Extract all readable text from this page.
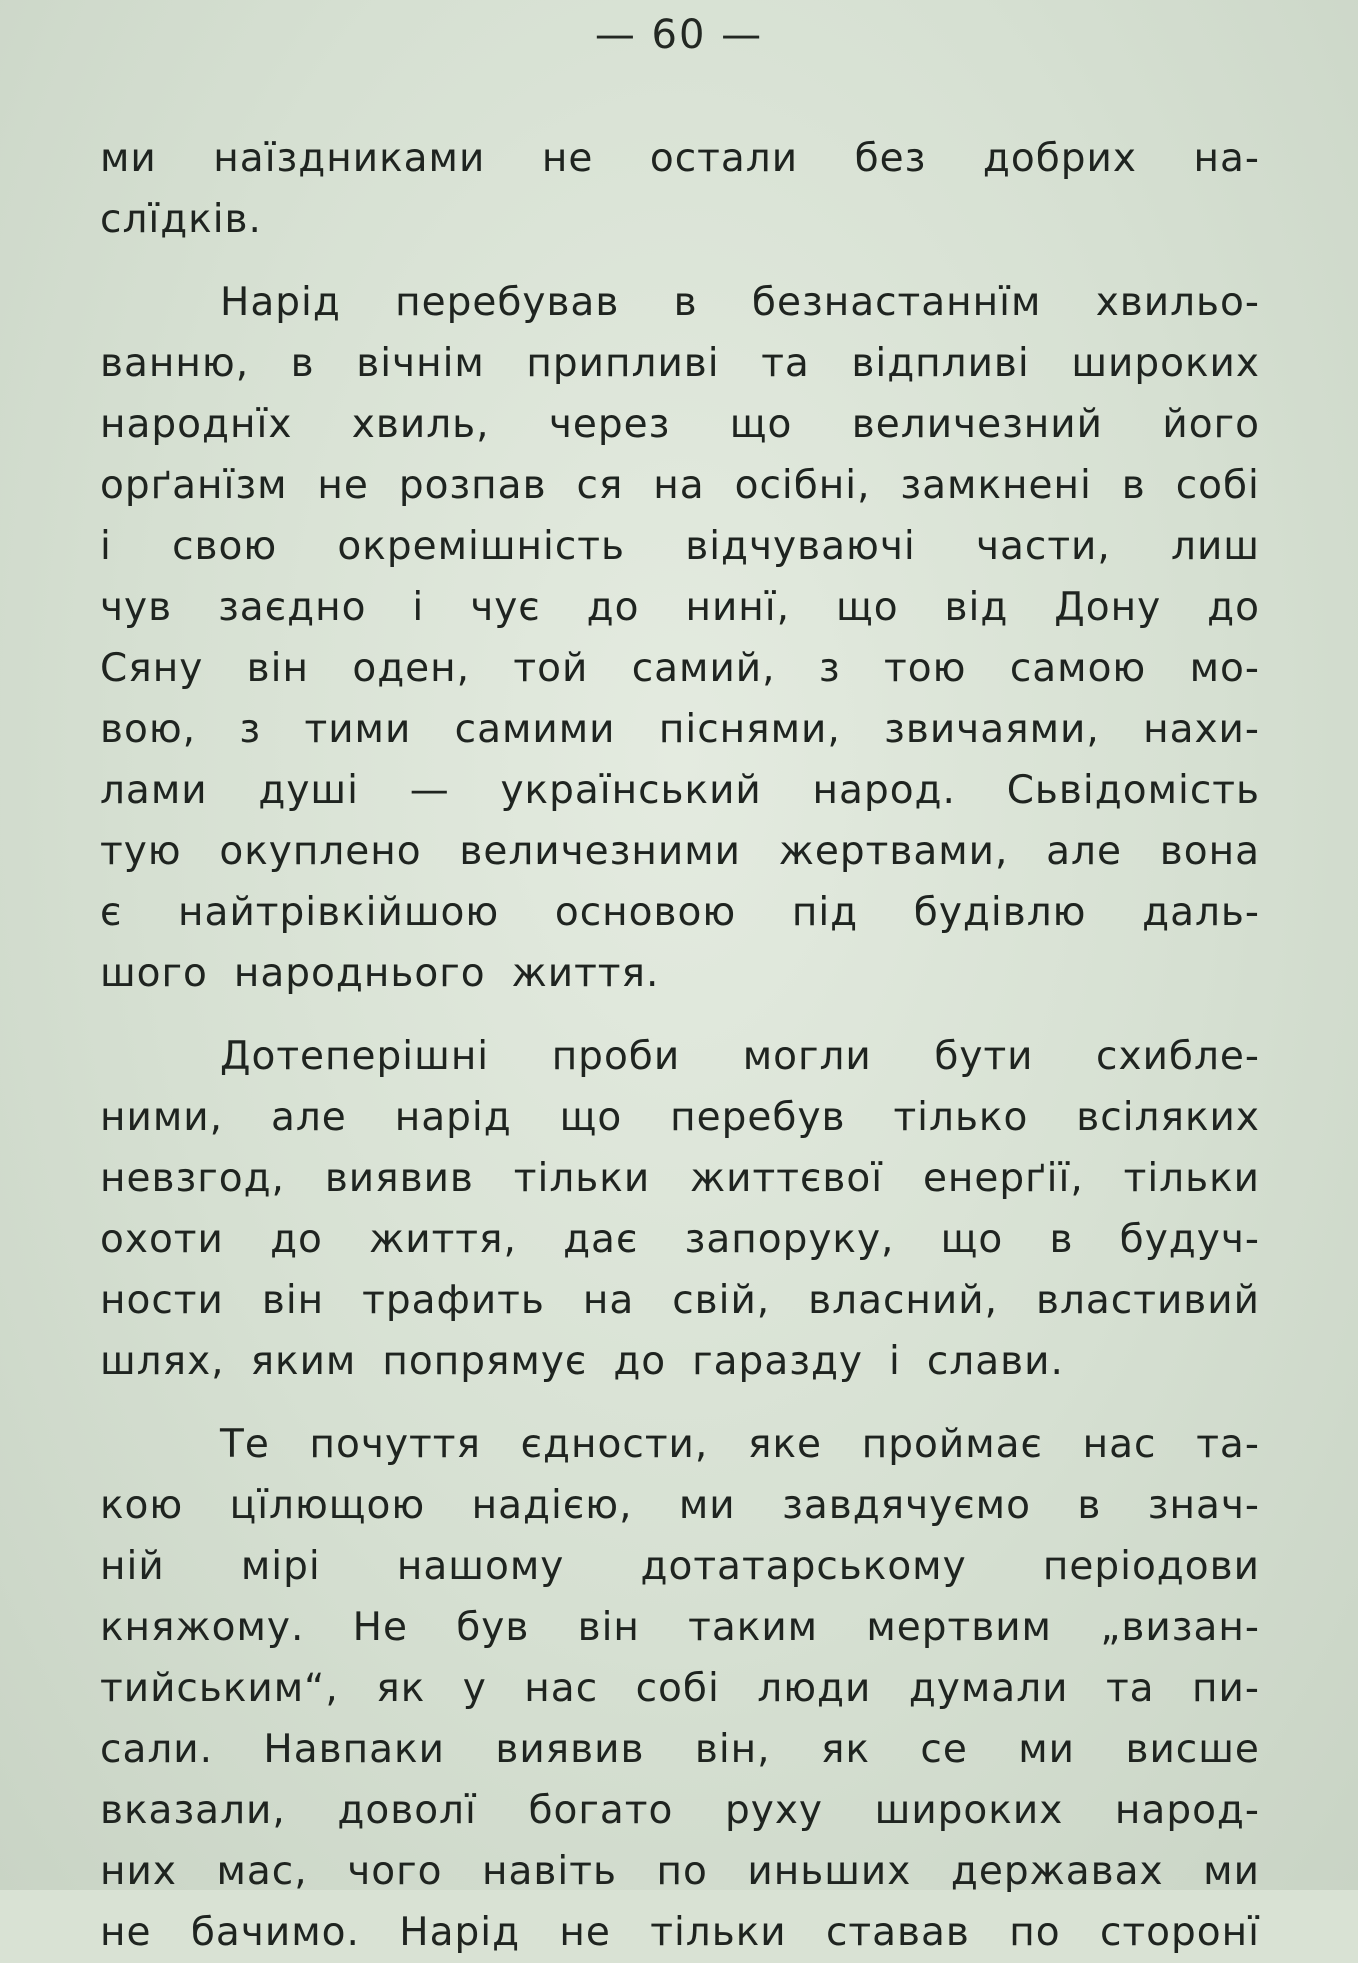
— 60 —
ми наїздниками не остали без добрих на-
слїдків.
Нарід перебував в безнастаннїм хвильо-
ванню, в вічнім припливі та відпливі широких
народнїх хвиль, через що величезний його
орґанїзм не розпав ся на осібні, замкнені в собі
і свою окремішність відчуваючі части, лиш
чув заєдно і чує до нинї, що від Дону до
Сяну він оден, той самий, з тою самою мо-
вою, з тими самими піснями, звичаями, нахи-
лами душі — український народ. Сьвідомість
тую окуплено величезними жертвами, але вона
є найтрівкійшою основою під будівлю даль-
шого народнього життя.
Дотеперішні проби могли бути схибле-
ними, але нарід що перебув тілько всіляких
невзгод, виявив тільки життєвої енерґії, тільки
охоти до життя, дає запоруку, що в будуч-
ности він трафить на свій, власний, властивий
шлях, яким попрямує до гаразду і слави.
Те почуття єдности, яке проймає нас та-
кою цїлющою надією, ми завдячуємо в знач-
ній мірі нашому дотатарському періодови
княжому. Не був він таким мертвим „визан-
тийським“, як у нас собі люди думали та пи-
сали. Навпаки виявив він, як се ми висше
вказали, доволї богато руху широких народ-
них мас, чого навіть по иньших державах ми
не бачимо. Нарід не тільки ставав по сторонї
